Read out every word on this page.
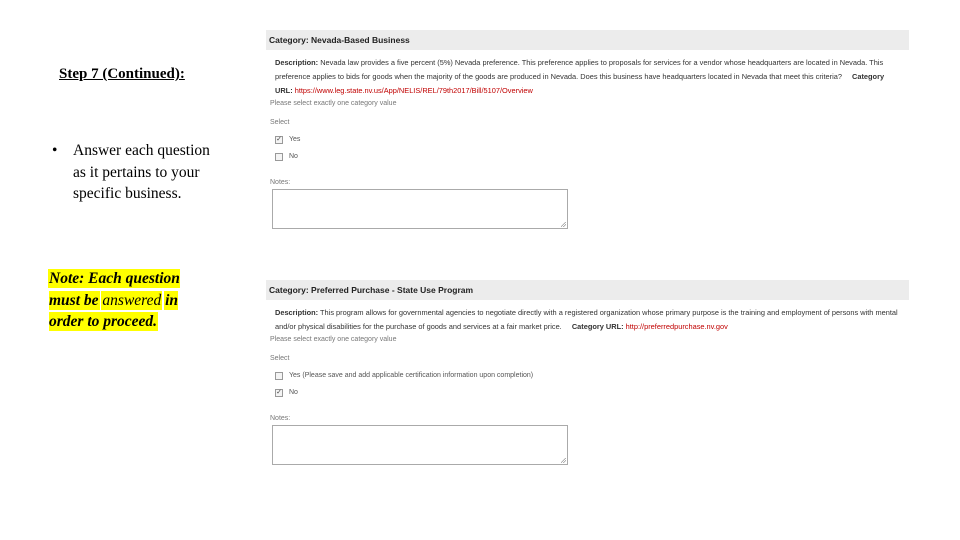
Step 7 (Continued):
• Answer each question as it pertains to your specific business.
Note: Each question must be answered in order to proceed.
Category: Nevada-Based Business
Description: Nevada law provides a five percent (5%) Nevada preference. This preference applies to proposals for services for a vendor whose headquarters are located in Nevada. This preference applies to bids for goods when the majority of the goods are produced in Nevada. Does this business have headquarters located in Nevada that meet this criteria? Category URL: https://www.leg.state.nv.us/App/NELIS/REL/79th2017/Bill/5107/Overview
Please select exactly one category value
Select
✓ Yes
No
Notes:
Category: Preferred Purchase - State Use Program
Description: This program allows for governmental agencies to negotiate directly with a registered organization whose primary purpose is the training and employment of persons with mental and/or physical disabilities for the purchase of goods and services at a fair market price. Category URL: http://preferredpurchase.nv.gov
Please select exactly one category value
Select
Yes (Please save and add applicable certification information upon completion)
✓ No
Notes:
